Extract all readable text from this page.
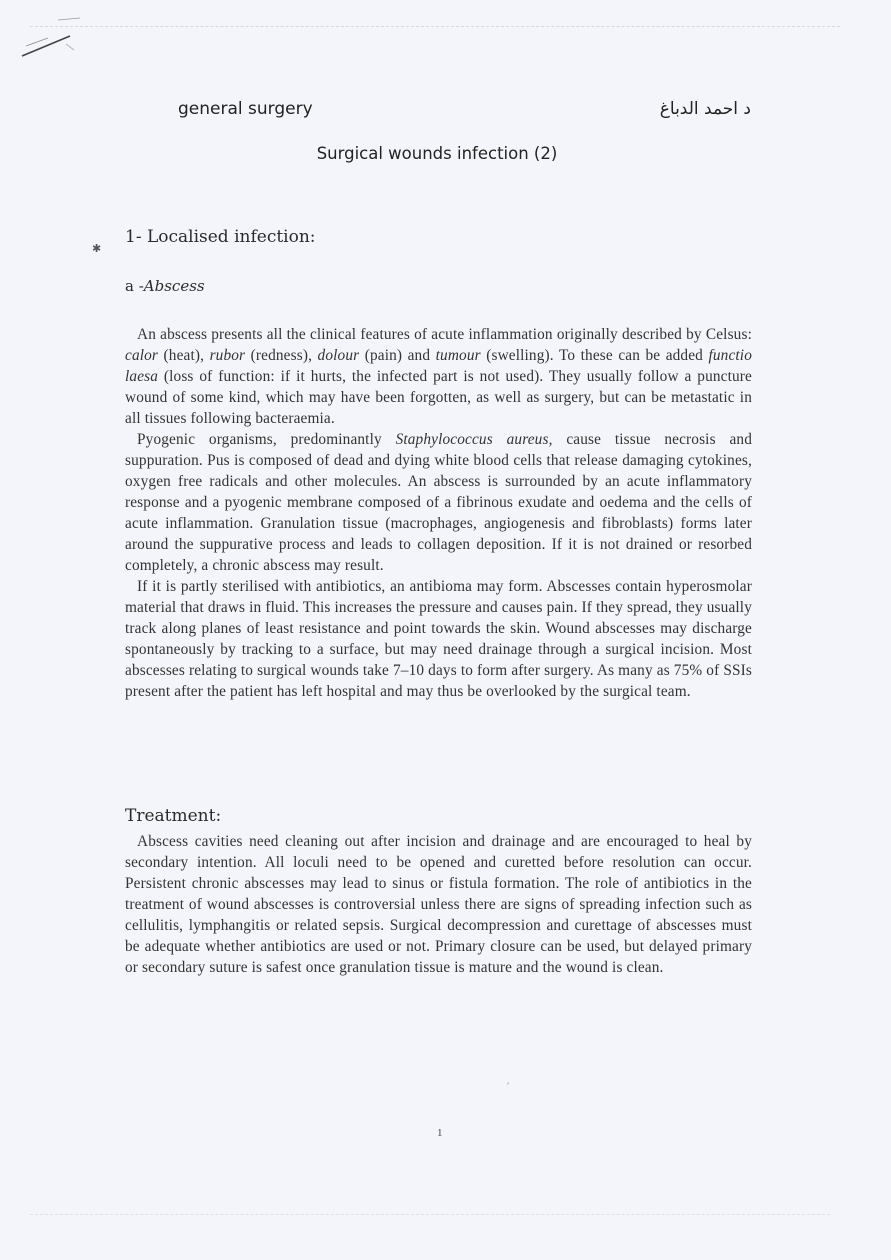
general surgery	د احمد الدباغ
Surgical wounds infection (2)
✱
1- Localised infection:
a -Abscess

An abscess presents all the clinical features of acute inflammation originally described by Celsus: calor (heat), rubor (redness), dolour (pain) and tumour (swelling). To these can be added functio laesa (loss of function: if it hurts, the infected part is not used). They usually follow a puncture wound of some kind, which may have been forgotten, as well as surgery, but can be metastatic in all tissues following bacteraemia.

Pyogenic organisms, predominantly Staphylococcus aureus, cause tissue necrosis and suppuration. Pus is composed of dead and dying white blood cells that release damaging cytokines, oxygen free radicals and other molecules. An abscess is surrounded by an acute inflammatory response and a pyogenic membrane composed of a fibrinous exudate and oedema and the cells of acute inflammation. Granulation tissue (macrophages, angiogenesis and fibroblasts) forms later around the suppurative process and leads to collagen deposition. If it is not drained or resorbed completely, a chronic abscess may result.

If it is partly sterilised with antibiotics, an antibioma may form. Abscesses contain hyperosmolar material that draws in fluid. This increases the pressure and causes pain. If they spread, they usually track along planes of least resistance and point towards the skin. Wound abscesses may discharge spontaneously by tracking to a surface, but may need drainage through a surgical incision. Most abscesses relating to surgical wounds take 7–10 days to form after surgery. As many as 75% of SSIs present after the patient has left hospital and may thus be overlooked by the surgical team.

Treatment:

Abscess cavities need cleaning out after incision and drainage and are encouraged to heal by secondary intention. All loculi need to be opened and curetted before resolution can occur. Persistent chronic abscesses may lead to sinus or fistula formation. The role of antibiotics in the treatment of wound abscesses is controversial unless there are signs of spreading infection such as cellulitis, lymphangitis or related sepsis. Surgical decompression and curettage of abscesses must be adequate whether antibiotics are used or not. Primary closure can be used, but delayed primary or secondary suture is safest once granulation tissue is mature and the wound is clean.

ˊ
1
